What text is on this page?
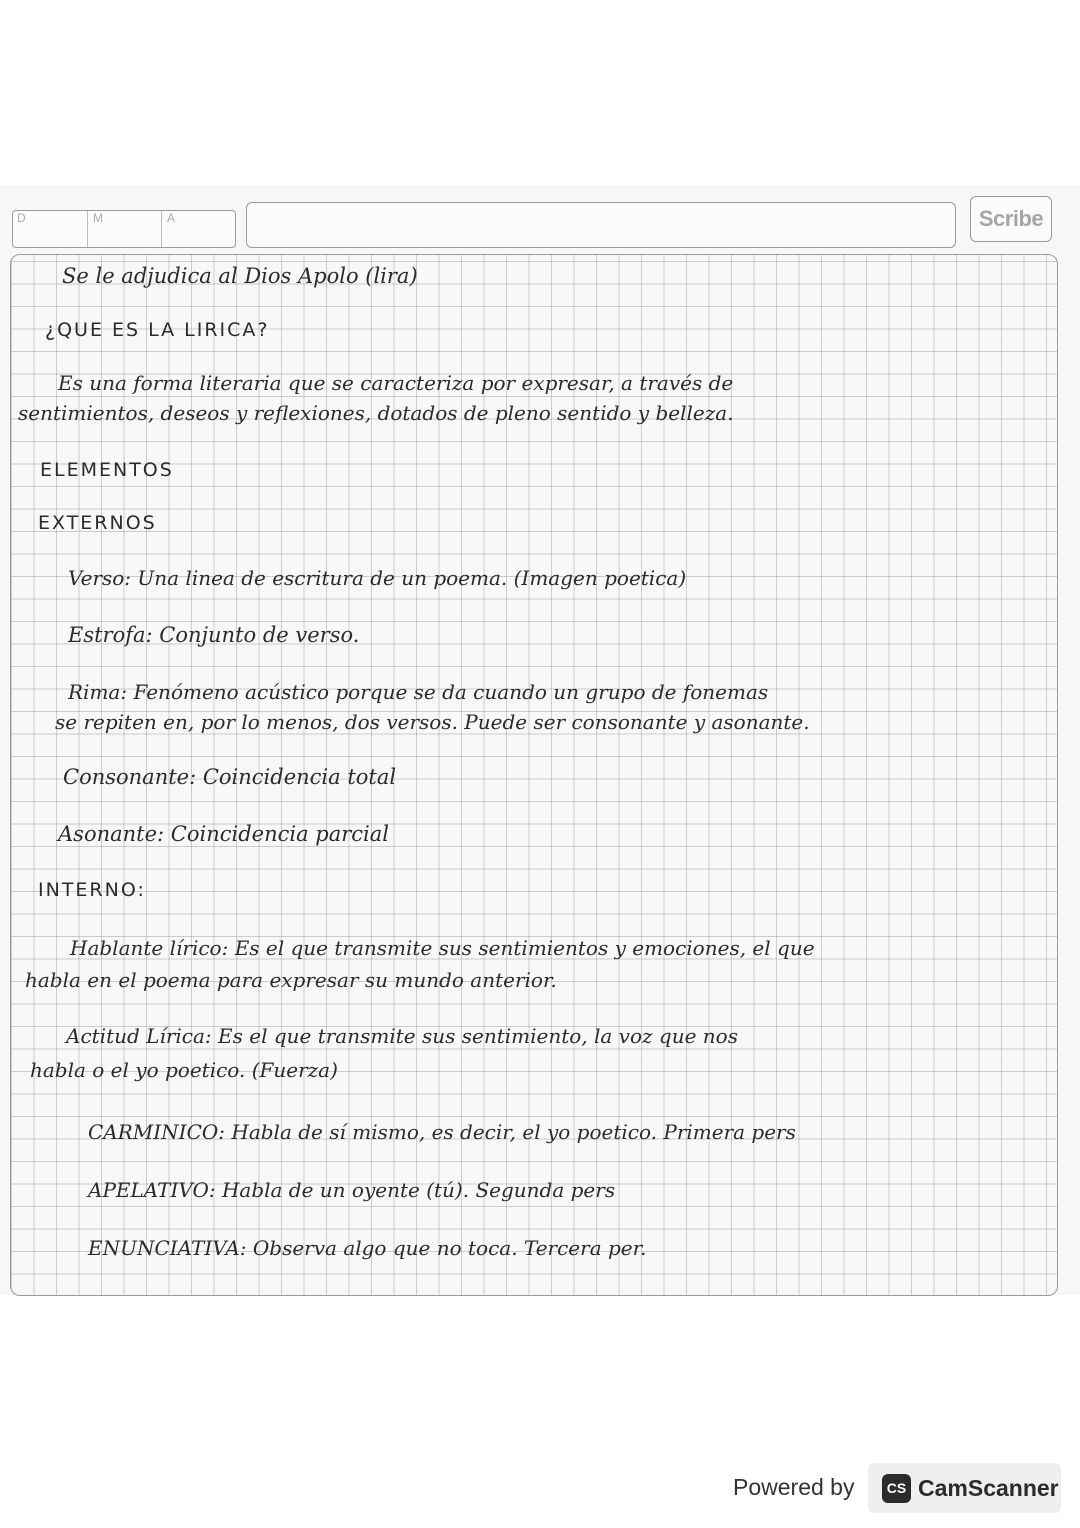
D	M	A	Scribe
Se le adjudica al Dios Apolo (lira)
¿QUE ES LA LIRICA?
Es una forma literaria que se caracteriza por expresar, a través de
sentimientos, deseos y reflexiones, dotados de pleno sentido y belleza.
ELEMENTOS
EXTERNOS
Verso: Una linea de escritura de un poema. (Imagen poetica)
Estrofa: Conjunto de verso.
Rima: Fenómeno acústico porque se da cuando un grupo de fonemas
se repiten en, por lo menos, dos versos. Puede ser consonante y asonante.
Consonante: Coincidencia total
Asonante: Coincidencia parcial
INTERNO:
Hablante lírico: Es el que transmite sus sentimientos y emociones, el que
habla en el poema para expresar su mundo anterior.
Actitud Lírica: Es el que transmite sus sentimiento, la voz que nos
habla o el yo poetico. (Fuerza)
CARMINICO: Habla de sí mismo, es decir, el yo poetico. Primera pers
APELATIVO: Habla de un oyente (tú). Segunda pers
ENUNCIATIVA: Observa algo que no toca. Tercera per.
Powered by	CS CamScanner
